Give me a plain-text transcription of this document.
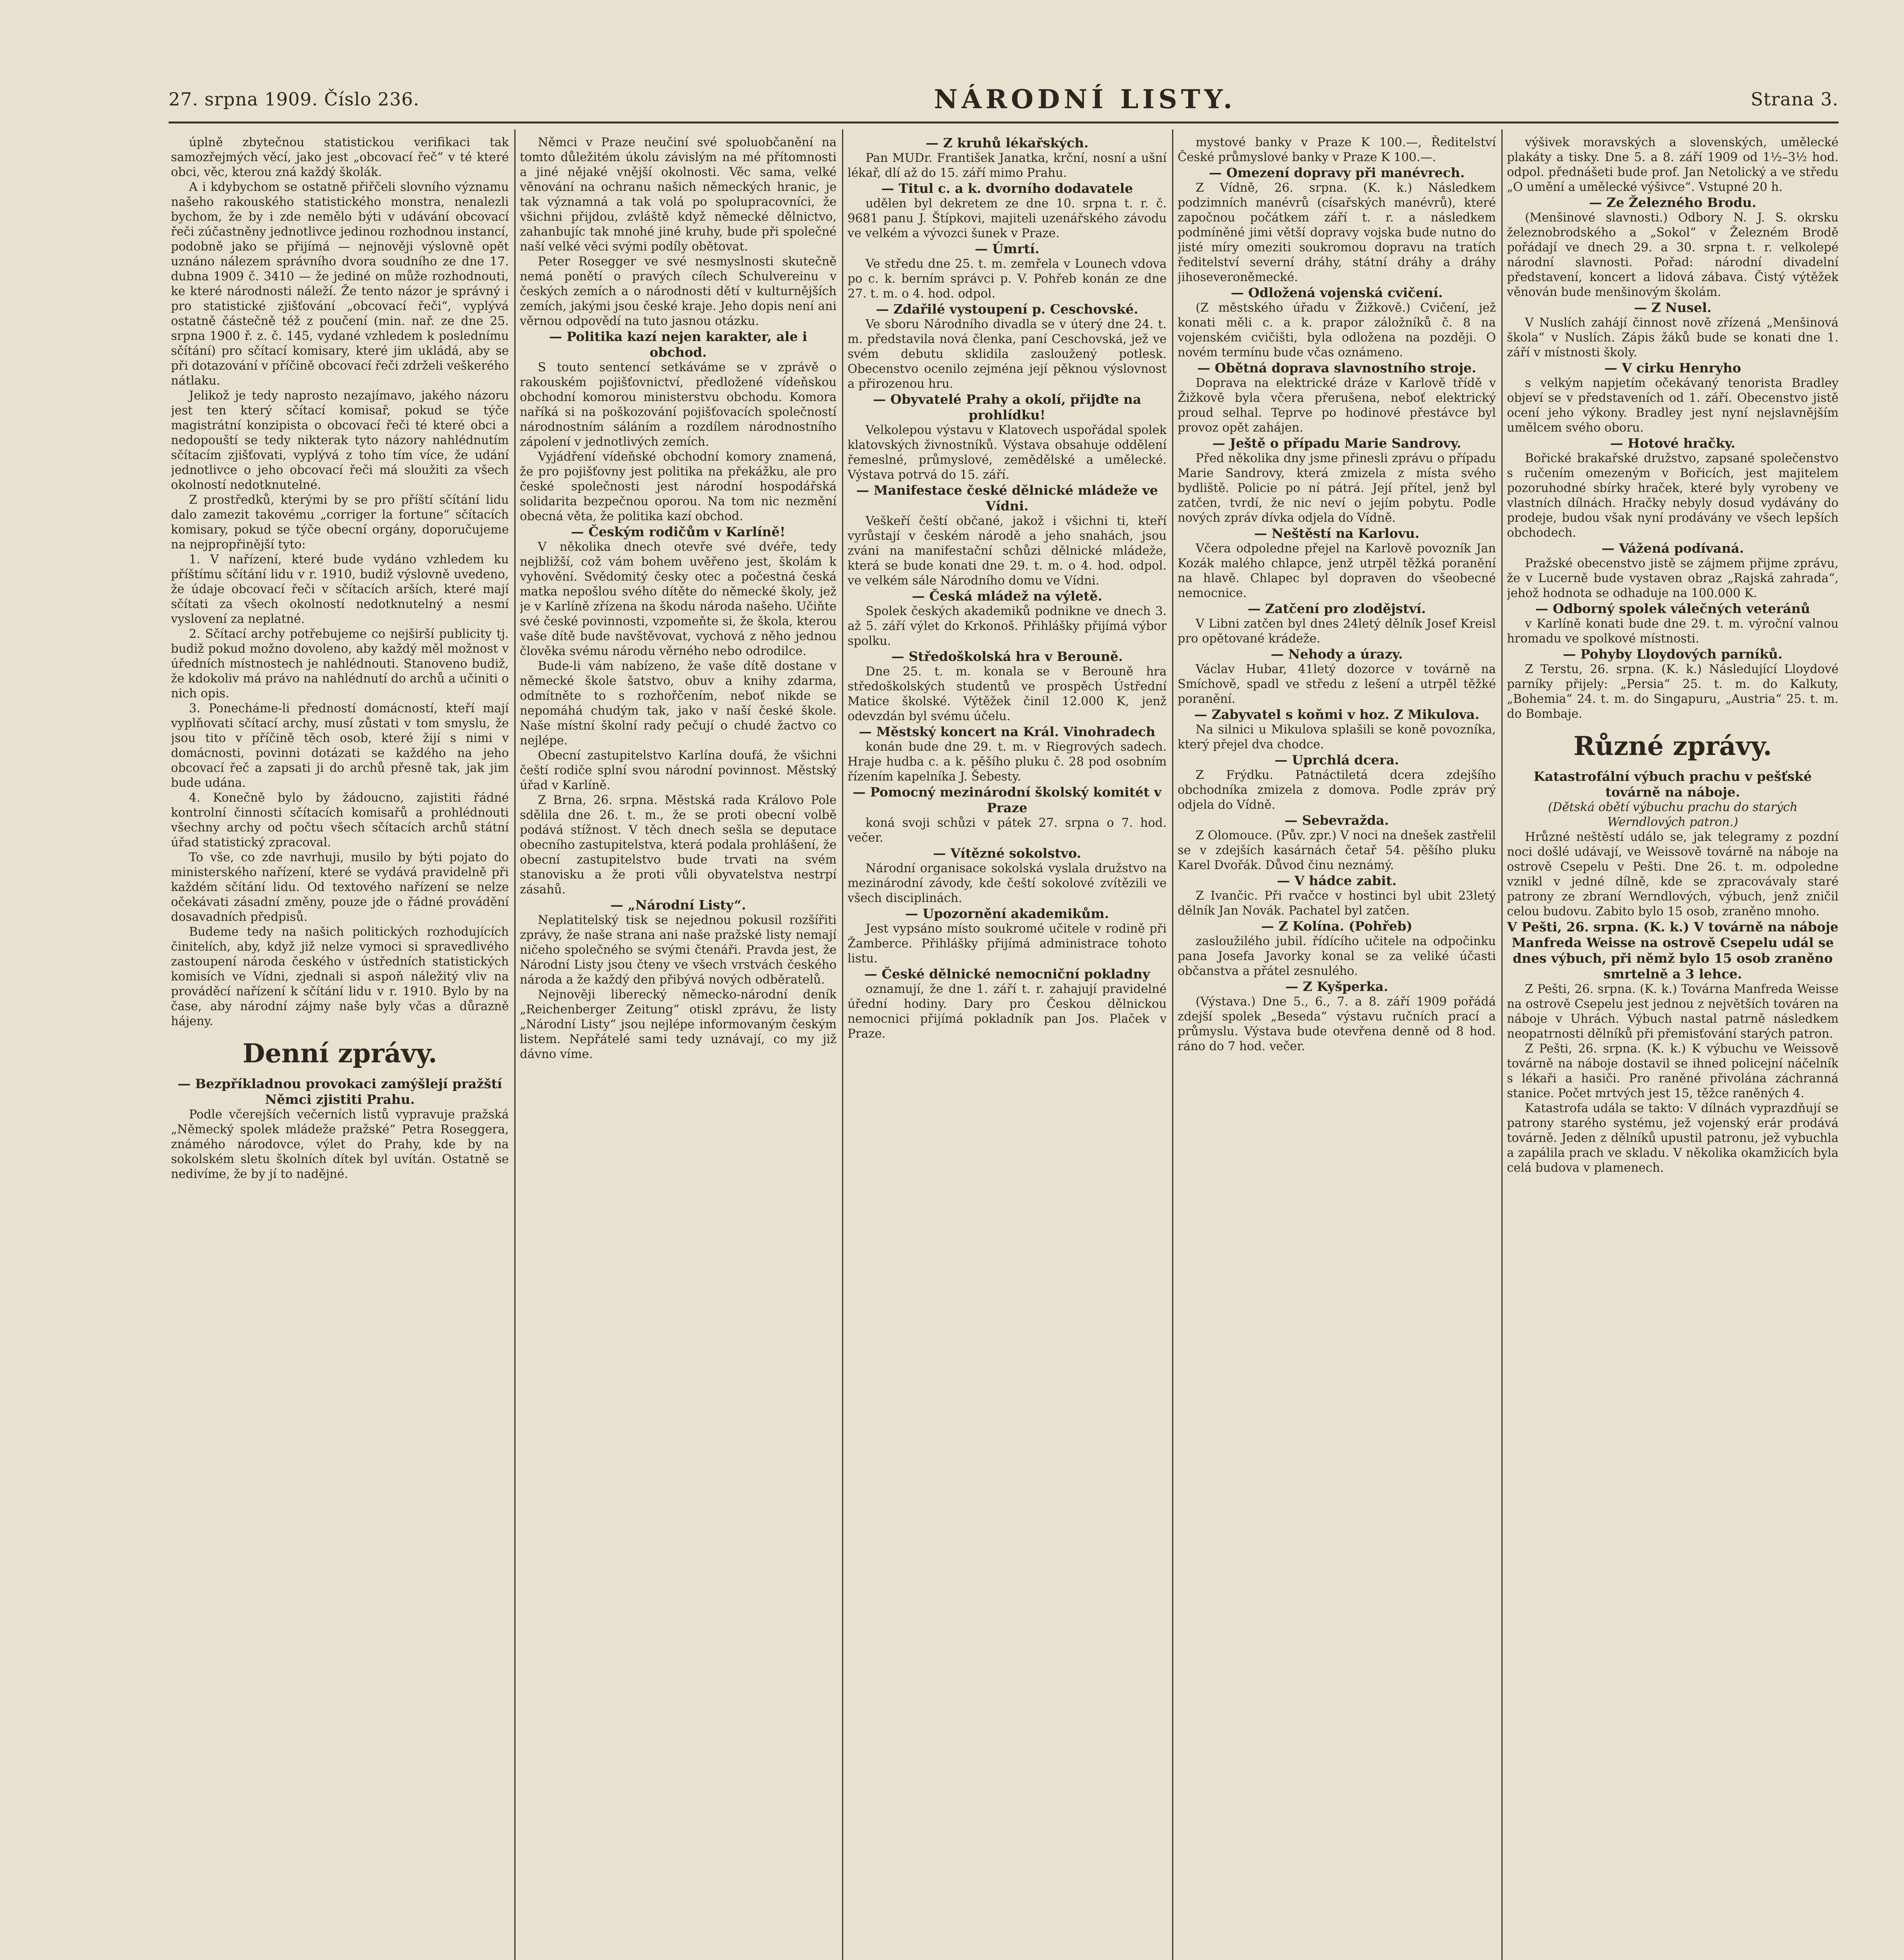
27. srpna 1909. Číslo 236.	NÁRODNÍ LISTY.	Strana 3.

úplně zbytečnou statistickou verifikaci tak samozřejmých věcí, jako jest „obcovací řeč“ v té které obci, věc, kterou zná každý školák.

A i kdybychom se ostatně přiřčeli slovního významu našeho rakouského statistického monstra, nenalezli bychom, že by i zde nemělo býti v udávání obcovací řeči zúčastněny jednotlivce jedinou rozhodnou instancí, podobně jako se přijímá — nejnověji výslovně opět uznáno nálezem správního dvora soudního ze dne 17. dubna 1909 č. 3410 — že jediné on může rozhodnouti, ke které národnosti náleží. Že tento názor je správný i pro statistické zjišťování „obcovací řeči“, vyplývá ostatně částečně též z poučení (min. nař. ze dne 25. srpna 1900 ř. z. č. 145, vydané vzhledem k poslednímu sčítání) pro sčítací komisary, které jim ukládá, aby se při dotazování v příčině obcovací řeči zdrželi veškerého nátlaku.

Jelikož je tedy naprosto nezajímavo, jakého názoru jest ten který sčítací komisař, pokud se týče magistrátní konzipista o obcovací řeči té které obci a nedopouští se tedy nikterak tyto názory nahlédnutím sčítacím zjišťovati, vyplývá z toho tím více, že udání jednotlivce o jeho obcovací řeči má sloužiti za všech okolností nedotknutelné.

Z prostředků, kterými by se pro příští sčítání lidu dalo zamezit takovému „corriger la fortune“ sčítacích komisary, pokud se týče obecní orgány, doporučujeme na nejpropřinější tyto:

1. V nařízení, které bude vydáno vzhledem ku příštímu sčítání lidu v r. 1910, budiž výslovně uvedeno, že údaje obcovací řeči v sčítacích arších, které mají sčítati za všech okolností nedotknutelný a nesmí vyslovení za neplatné.

2. Sčítací archy potřebujeme co nejširší publicity tj. budiž pokud možno dovoleno, aby každý měl možnost v úředních místnostech je nahlédnouti. Stanoveno budiž, že kdokoliv má právo na nahlédnutí do archů a učiniti o nich opis.

3. Ponecháme-li předností domácností, kteří mají vyplňovati sčítací archy, musí zůstati v tom smyslu, že jsou tito v příčině těch osob, které žijí s nimi v domácnosti, povinni dotázati se každého na jeho obcovací řeč a zapsati ji do archů přesně tak, jak jim bude udána.

4. Konečně bylo by žádoucno, zajistiti řádné kontrolní činnosti sčítacích komisařů a prohlédnouti všechny archy od počtu všech sčítacích archů státní úřad statistický zpracoval.

To vše, co zde navrhuji, musilo by býti pojato do ministerského nařízení, které se vydává pravidelně při každém sčítání lidu. Od textového nařízení se nelze očekávati zásadní změny, pouze jde o řádné provádění dosavadních předpisů.

Budeme tedy na našich politických rozhodujících činitelích, aby, když již nelze vymoci si spravedlivého zastoupení národa českého v ústředních statistických komisích ve Vídni, zjednali si aspoň náležitý vliv na prováděcí nařízení k sčítání lidu v r. 1910. Bylo by na čase, aby národní zájmy naše byly včas a důrazně hájeny.

Denní zprávy.

— Bezpříkladnou provokaci zamýšlejí pražští Němci zjistiti Prahu.

Podle včerejších večerních listů vypravuje pražská „Německý spolek mládeže pražské“ Petra Roseggera, známého národovce, výlet do Prahy, kde by na sokolském sletu školních dítek byl uvítán. Ostatně se nedivíme, že by jí to nadějné.

Němci v Praze neučiní své spoluobčanění na tomto důležitém úkolu závislým na mé přítomnosti a jiné nějaké vnější okolnosti. Věc sama, velké věnování na ochranu našich německých hranic, je tak významná a tak volá po spolupracovníci, že všichni přijdou, zvláště když německé dělnictvo, zahanbujíc tak mnohé jiné kruhy, bude při společné naší velké věci svými podíly obětovat.

Peter Rosegger ve své nesmyslnosti skutečně nemá ponětí o pravých cílech Schulvereinu v českých zemích a o národnosti dětí v kulturnějších zemích, jakými jsou české kraje. Jeho dopis není ani věrnou odpovědí na tuto jasnou otázku.

— Politika kazí nejen karakter, ale i obchod.

S touto sentencí setkáváme se v zprávě o rakouském pojišťovnictví, předložené vídeňskou obchodní komorou ministerstvu obchodu. Komora naříká si na poškozování pojišťovacích společností národnostním sáláním a rozdílem národnostního zápolení v jednotlivých zemích.

Vyjádření vídeňské obchodní komory znamená, že pro pojišťovny jest politika na překážku, ale pro české společnosti jest národní hospodářská solidarita bezpečnou oporou. Na tom nic nezmění obecná věta, že politika kazí obchod.

— Českým rodičům v Karlíně!

V několika dnech otevře své dvéře, tedy nejbližší, což vám bohem uvěřeno jest, školám k vyhovění. Svědomitý česky otec a počestná česká matka nepošlou svého dítěte do německé školy, jež je v Karlíně zřízena na škodu národa našeho. Učiňte své české povinnosti, vzpomeňte si, že škola, kterou vaše dítě bude navštěvovat, vychová z něho jednou člověka svému národu věrného nebo odrodilce.

Bude-li vám nabízeno, že vaše dítě dostane v německé škole šatstvo, obuv a knihy zdarma, odmítněte to s rozhořčením, neboť nikde se nepomáhá chudým tak, jako v naší české škole. Naše místní školní rady pečují o chudé žactvo co nejlépe.

Obecní zastupitelstvo Karlína doufá, že všichni čeští rodiče splní svou národní povinnost. Městský úřad v Karlíně.

Z Brna, 26. srpna. Městská rada Královo Pole sdělila dne 26. t. m., že se proti obecní volbě podává stížnost. V těch dnech sešla se deputace obecního zastupitelstva, která podala prohlášení, že obecní zastupitelstvo bude trvati na svém stanovisku a že proti vůli obyvatelstva nestrpí zásahů.

— „Národní Listy“.

Neplatitelský tisk se nejednou pokusil rozšířiti zprávy, že naše strana ani naše pražské listy nemají ničeho společného se svými čtenáři. Pravda jest, že Národní Listy jsou čteny ve všech vrstvách českého národa a že každý den přibývá nových odběratelů.

Nejnověji liberecký německo-národní deník „Reichenberger Zeitung“ otiskl zprávu, že listy „Národní Listy“ jsou nejlépe informovaným českým listem. Nepřátelé sami tedy uznávají, co my již dávno víme.

— Z kruhů lékařských.

Pan MUDr. František Janatka, krční, nosní a ušní lékař, dlí až do 15. září mimo Prahu.

— Titul c. a k. dvorního dodavatele

udělen byl dekretem ze dne 10. srpna t. r. č. 9681 panu J. Štípkovi, majiteli uzenářského závodu ve velkém a vývozci šunek v Praze.

— Úmrtí.

Ve středu dne 25. t. m. zemřela v Lounech vdova po c. k. berním správci p. V. Pohřeb konán ze dne 27. t. m. o 4. hod. odpol.

— Zdařilé vystoupení p. Ceschovské.

Ve sboru Národního divadla se v úterý dne 24. t. m. představila nová členka, paní Ceschovská, jež ve svém debutu sklidila zasloužený potlesk. Obecenstvo ocenilo zejména její pěknou výslovnost a přirozenou hru.

— Obyvatelé Prahy a okolí, přijďte na prohlídku!

Velkolepou výstavu v Klatovech uspořádal spolek klatovských živnostníků. Výstava obsahuje oddělení řemeslné, průmyslové, zemědělské a umělecké. Výstava potrvá do 15. září.

— Manifestace české dělnické mládeže ve Vídni.

Veškeří čeští občané, jakož i všichni ti, kteří vyrůstají v českém národě a jeho snahách, jsou zváni na manifestační schůzi dělnické mládeže, která se bude konati dne 29. t. m. o 4. hod. odpol. ve velkém sále Národního domu ve Vídni.

— Česká mládež na výletě.

Spolek českých akademiků podnikne ve dnech 3. až 5. září výlet do Krkonoš. Přihlášky přijímá výbor spolku.

— Středoškolská hra v Berouně.

Dne 25. t. m. konala se v Berouně hra středoškolských studentů ve prospěch Ústřední Matice školské. Výtěžek činil 12.000 K, jenž odevzdán byl svému účelu.

— Městský koncert na Král. Vinohradech

konán bude dne 29. t. m. v Riegrových sadech. Hraje hudba c. a k. pěšího pluku č. 28 pod osobním řízením kapelníka J. Šebesty.

— Pomocný mezinárodní školský komitét v Praze

koná svoji schůzi v pátek 27. srpna o 7. hod. večer.

— Vítězné sokolstvo.

Národní organisace sokolská vyslala družstvo na mezinárodní závody, kde čeští sokolové zvítězili ve všech disciplinách.

— Upozornění akademikům.

Jest vypsáno místo soukromé učitele v rodině při Žamberce. Přihlášky přijímá administrace tohoto listu.

— České dělnické nemocniční pokladny

oznamují, že dne 1. září t. r. zahajují pravidelné úřední hodiny. Dary pro Českou dělnickou nemocnici přijímá pokladník pan Jos. Plaček v Praze.

mystové banky v Praze K 100.—, Ředitelství České průmyslové banky v Praze K 100.—.

— Omezení dopravy při manévrech.

Z Vídně, 26. srpna. (K. k.) Následkem podzimních manévrů (císařských manévrů), které započnou počátkem září t. r. a následkem podmíněné jimi větší dopravy vojska bude nutno do jisté míry omeziti soukromou dopravu na tratích ředitelství severní dráhy, státní dráhy a dráhy jihoseveroněmecké.

— Odložená vojenská cvičení.

(Z městského úřadu v Žižkově.) Cvičení, jež konati měli c. a k. prapor záložníků č. 8 na vojenském cvičišti, byla odložena na později. O novém termínu bude včas oznámeno.

— Obětná doprava slavnostního stroje.

Doprava na elektrické dráze v Karlově třídě v Žižkově byla včera přerušena, neboť elektrický proud selhal. Teprve po hodinové přestávce byl provoz opět zahájen.

— Ještě o případu Marie Sandrovy.

Před několika dny jsme přinesli zprávu o případu Marie Sandrovy, která zmizela z místa svého bydliště. Policie po ní pátrá. Její přítel, jenž byl zatčen, tvrdí, že nic neví o jejím pobytu. Podle nových zpráv dívka odjela do Vídně.

— Neštěstí na Karlovu.

Včera odpoledne přejel na Karlově povozník Jan Kozák malého chlapce, jenž utrpěl těžká poranění na hlavě. Chlapec byl dopraven do všeobecné nemocnice.

— Zatčení pro zlodějství.

V Libni zatčen byl dnes 24letý dělník Josef Kreisl pro opětované krádeže.

— Nehody a úrazy.

Václav Hubar, 41letý dozorce v továrně na Smíchově, spadl ve středu z lešení a utrpěl těžké poranění.

— Zabyvatel s koňmi v hoz. Z Mikulova.

Na silnici u Mikulova splašili se koně povozníka, který přejel dva chodce.

— Uprchlá dcera.

Z Frýdku. Patnáctiletá dcera zdejšího obchodníka zmizela z domova. Podle zpráv prý odjela do Vídně.

— Sebevražda.

Z Olomouce. (Pův. zpr.) V noci na dnešek zastřelil se v zdejších kasárnách četař 54. pěšího pluku Karel Dvořák. Důvod činu neznámý.

— V hádce zabit.

Z Ivančic. Při rvačce v hostinci byl ubit 23letý dělník Jan Novák. Pachatel byl zatčen.

— Z Kolína. (Pohřeb)

zasloužilého jubil. řídícího učitele na odpočinku pana Josefa Javorky konal se za veliké účasti občanstva a přátel zesnulého.

— Z Kyšperka.

(Výstava.) Dne 5., 6., 7. a 8. září 1909 pořádá zdejší spolek „Beseda“ výstavu ručních prací a průmyslu. Výstava bude otevřena denně od 8 hod. ráno do 7 hod. večer.

výšivek moravských a slovenských, umělecké plakáty a tisky. Dne 5. a 8. září 1909 od 1½–3½ hod. odpol. přednášeti bude prof. Jan Netolický a ve středu „O umění a umělecké výšivce“. Vstupné 20 h.

— Ze Železného Brodu.

(Menšinové slavnosti.) Odbory N. J. S. okrsku železnobrodského a „Sokol“ v Železném Brodě pořádají ve dnech 29. a 30. srpna t. r. velkolepé národní slavnosti. Pořad: národní divadelní představení, koncert a lidová zábava. Čistý výtěžek věnován bude menšinovým školám.

— Z Nusel.

V Nuslích zahájí činnost nově zřízená „Menšinová škola“ v Nuslích. Zápis žáků bude se konati dne 1. září v místnosti školy.

— V cirku Henryho

s velkým napjetím očekávaný tenorista Bradley objeví se v představeních od 1. září. Obecenstvo jistě ocení jeho výkony. Bradley jest nyní nejslavnějším umělcem svého oboru.

— Hotové hračky.

Bořické brakařské družstvo, zapsané společenstvo s ručením omezeným v Bořicích, jest majitelem pozoruhodné sbírky hraček, které byly vyrobeny ve vlastních dílnách. Hračky nebyly dosud vydávány do prodeje, budou však nyní prodávány ve všech lepších obchodech.

— Vážená podívaná.

Pražské obecenstvo jistě se zájmem přijme zprávu, že v Lucerně bude vystaven obraz „Rajská zahrada“, jehož hodnota se odhaduje na 100.000 K.

— Odborný spolek válečných veteránů

v Karlíně konati bude dne 29. t. m. výroční valnou hromadu ve spolkové místnosti.

— Pohyby Lloydových parníků.

Z Terstu, 26. srpna. (K. k.) Následující Lloydové parníky přijely: „Persia“ 25. t. m. do Kalkuty, „Bohemia“ 24. t. m. do Singapuru, „Austria“ 25. t. m. do Bombaje.

Různé zprávy.

Katastrofální výbuch prachu v pešťské továrně na náboje.

(Dětská obětí výbuchu prachu do starých Werndlových patron.)

Hrůzné neštěstí událo se, jak telegramy z pozdní noci došlé udávají, ve Weissově továrně na náboje na ostrově Csepelu v Pešti. Dne 26. t. m. odpoledne vznikl v jedné dílně, kde se zpracovávaly staré patrony ze zbraní Werndlových, výbuch, jenž zničil celou budovu. Zabito bylo 15 osob, zraněno mnoho.

V Pešti, 26. srpna. (K. k.) V továrně na náboje Manfreda Weisse na ostrově Csepelu udál se dnes výbuch, při němž bylo 15 osob zraněno smrtelně a 3 lehce.

Z Pešti, 26. srpna. (K. k.) Továrna Manfreda Weisse na ostrově Csepelu jest jednou z největších továren na náboje v Uhrách. Výbuch nastal patrně následkem neopatrnosti dělníků při přemisťování starých patron.

Z Pešti, 26. srpna. (K. k.) K výbuchu ve Weissově továrně na náboje dostavil se ihned policejní náčelník s lékaři a hasiči. Pro raněné přivolána záchranná stanice. Počet mrtvých jest 15, těžce raněných 4.

Katastrofa udála se takto: V dílnách vyprazdňují se patrony starého systému, jež vojenský erár prodává továrně. Jeden z dělníků upustil patronu, jež vybuchla a zapálila prach ve skladu. V několika okamžicích byla celá budova v plamenech.
